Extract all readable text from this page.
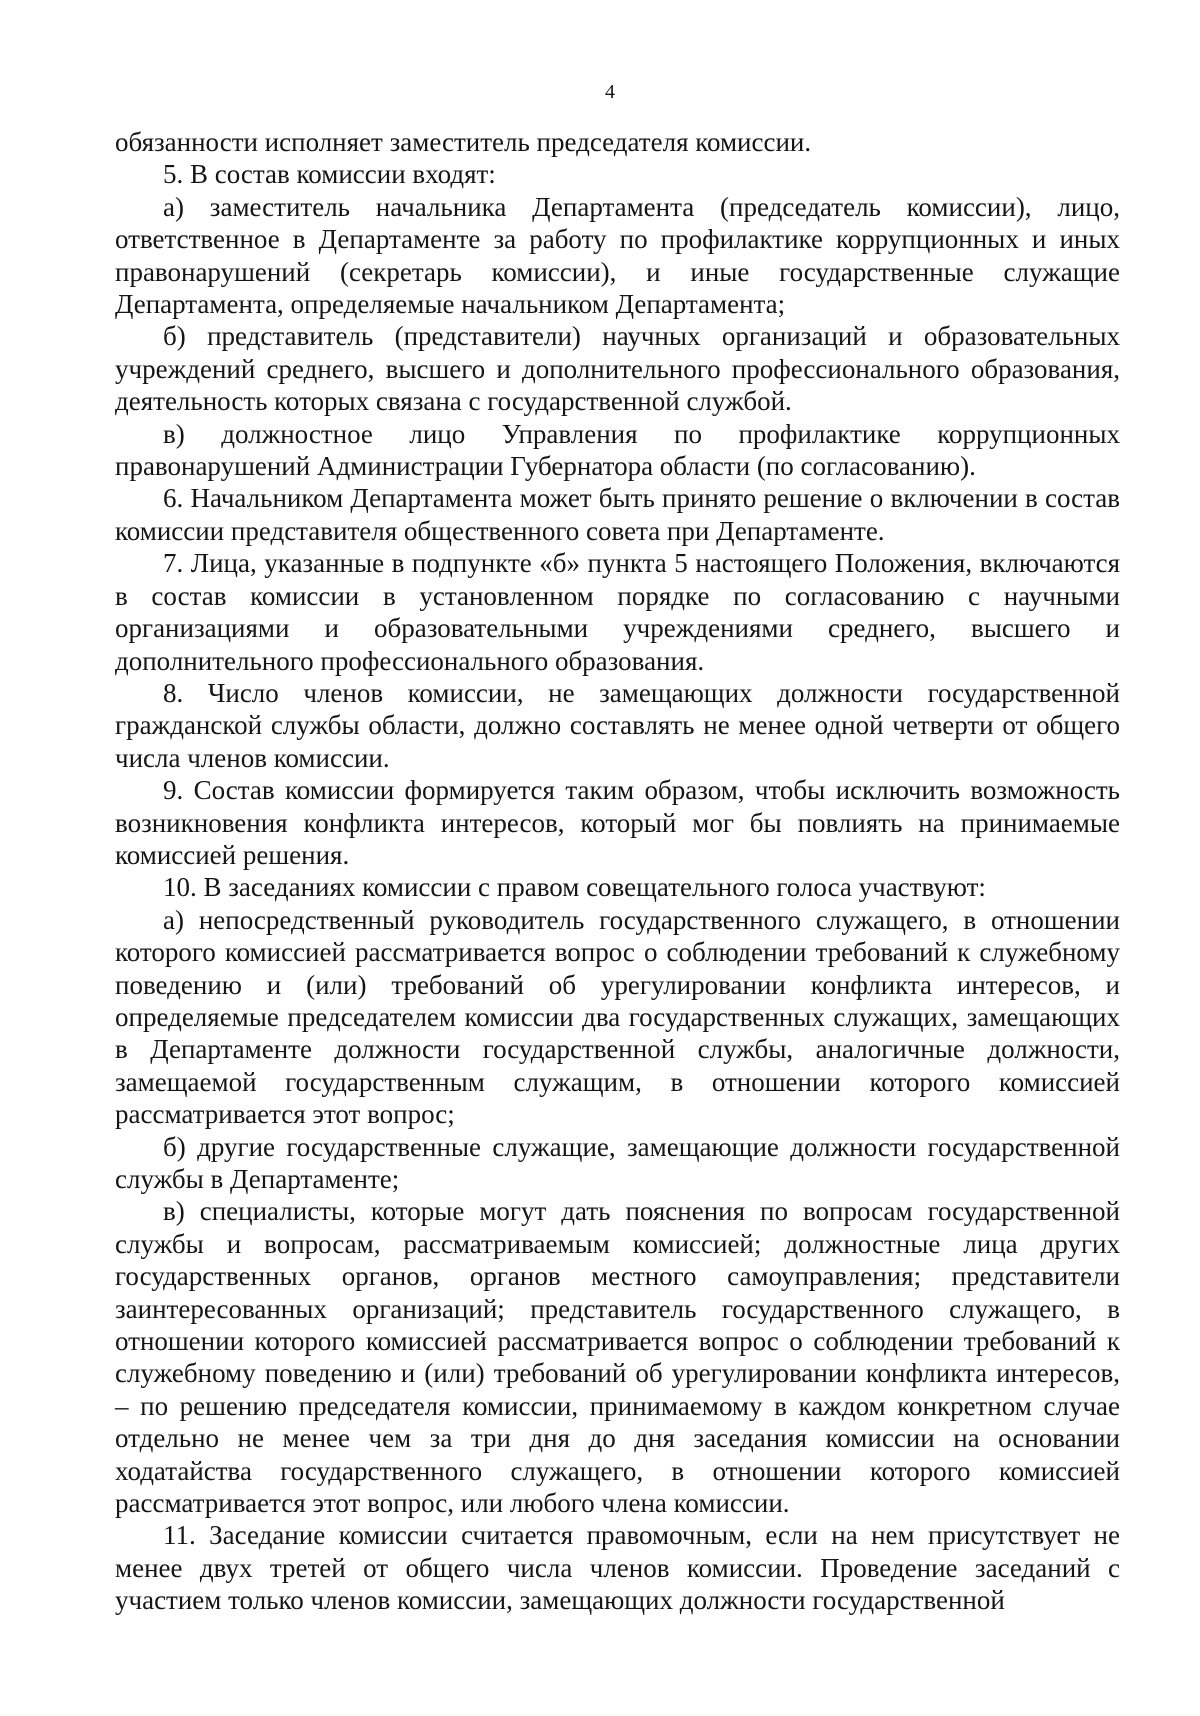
4

обязанности исполняет заместитель председателя комиссии.

5. В состав комиссии входят:

а) заместитель начальника Департамента (председатель комиссии), лицо, ответственное в Департаменте за работу по профилактике коррупционных и иных правонарушений (секретарь комиссии), и иные государственные служащие Департамента, определяемые начальником Департамента;

б) представитель (представители) научных организаций и образовательных учреждений среднего, высшего и дополнительного профессионального образования, деятельность которых связана с государственной службой.

в) должностное лицо Управления по профилактике коррупционных правонарушений Администрации Губернатора области (по согласованию).

6. Начальником Департамента может быть принято решение о включении в состав комиссии представителя общественного совета при Департаменте.

7. Лица, указанные в подпункте «б» пункта 5 настоящего Положения, включаются в состав комиссии в установленном порядке по согласованию с научными организациями и образовательными учреждениями среднего, высшего и дополнительного профессионального образования.

8. Число членов комиссии, не замещающих должности государственной гражданской службы области, должно составлять не менее одной четверти от общего числа членов комиссии.

9. Состав комиссии формируется таким образом, чтобы исключить возможность возникновения конфликта интересов, который мог бы повлиять на принимаемые комиссией решения.

10. В заседаниях комиссии с правом совещательного голоса участвуют:

а) непосредственный руководитель государственного служащего, в отношении которого комиссией рассматривается вопрос о соблюдении требований к служебному поведению и (или) требований об урегулировании конфликта интересов, и определяемые председателем комиссии два государственных служащих, замещающих в Департаменте должности государственной службы, аналогичные должности, замещаемой государственным служащим, в отношении которого комиссией рассматривается этот вопрос;

б) другие государственные служащие, замещающие должности государственной службы в Департаменте;

в) специалисты, которые могут дать пояснения по вопросам государственной службы и вопросам, рассматриваемым комиссией; должностные лица других государственных органов, органов местного самоуправления; представители заинтересованных организаций; представитель государственного служащего, в отношении которого комиссией рассматривается вопрос о соблюдении требований к служебному поведению и (или) требований об урегулировании конфликта интересов, – по решению председателя комиссии, принимаемому в каждом конкретном случае отдельно не менее чем за три дня до дня заседания комиссии на основании ходатайства государственного служащего, в отношении которого комиссией рассматривается этот вопрос, или любого члена комиссии.

11. Заседание комиссии считается правомочным, если на нем присутствует не менее двух третей от общего числа членов комиссии. Проведение заседаний с участием только членов комиссии, замещающих должности государственной
